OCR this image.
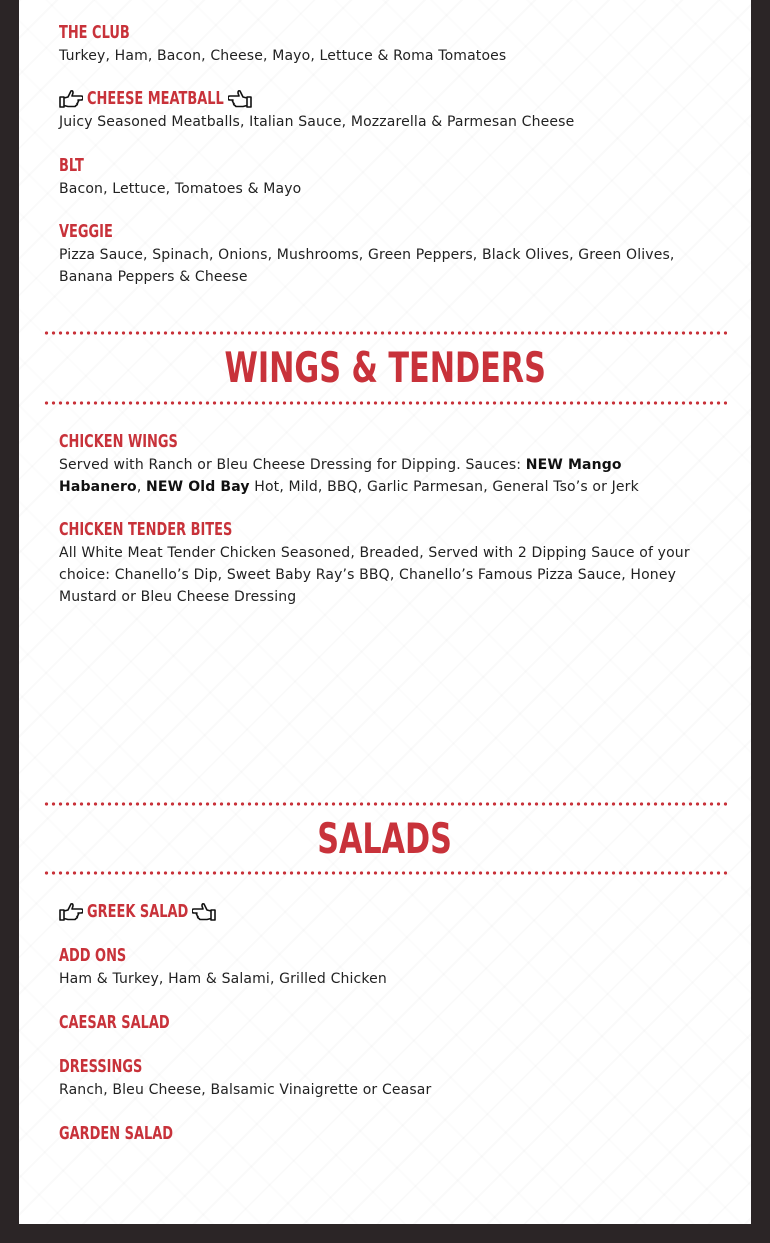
THE CLUB
Turkey, Ham, Bacon, Cheese, Mayo, Lettuce & Roma Tomatoes
CHEESE MEATBALL
Juicy Seasoned Meatballs, Italian Sauce, Mozzarella & Parmesan Cheese
BLT
Bacon, Lettuce, Tomatoes & Mayo
VEGGIE
Pizza Sauce, Spinach, Onions, Mushrooms, Green Peppers, Black Olives, Green Olives, Banana Peppers & Cheese
WINGS & TENDERS
CHICKEN WINGS
Served with Ranch or Bleu Cheese Dressing for Dipping. Sauces: NEW Mango Habanero, NEW Old Bay Hot, Mild, BBQ, Garlic Parmesan, General Tso’s or Jerk
CHICKEN TENDER BITES
All White Meat Tender Chicken Seasoned, Breaded, Served with 2 Dipping Sauce of your choice: Chanello’s Dip, Sweet Baby Ray’s BBQ, Chanello’s Famous Pizza Sauce, Honey Mustard or Bleu Cheese Dressing
SALADS
GREEK SALAD
ADD ONS
Ham & Turkey, Ham & Salami, Grilled Chicken
CAESAR SALAD
DRESSINGS
Ranch, Bleu Cheese, Balsamic Vinaigrette or Ceasar
GARDEN SALAD
